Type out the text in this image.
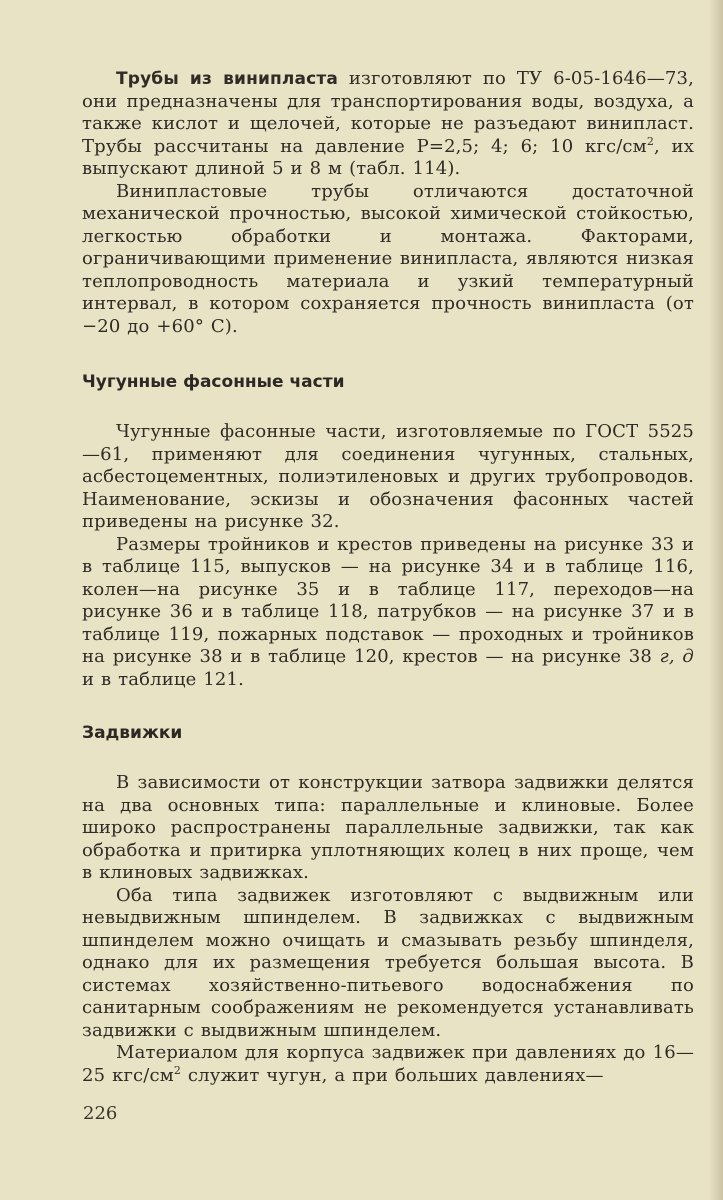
Трубы из винипласта изготовляют по ТУ 6-05-1646—73, они предназначены для транспортирования воды, воздуха, а также кислот и щелочей, которые не разъедают винипласт. Трубы рассчитаны на давление Р=2,5; 4; 6; 10 кгс/$см^2$, их выпускают длиной 5 и 8 м (табл. 114).

Винипластовые трубы отличаются достаточной механической прочностью, высокой химической стойкостью, легкостью обработки и монтажа. Факторами, ограничивающими применение винипласта, являются низкая теплопроводность материала и узкий температурный интервал, в котором сохраняется прочность винипласта (от −20 до +60° С).

Чугунные фасонные части

Чугунные фасонные части, изготовляемые по ГОСТ 5525—61, применяют для соединения чугунных, стальных, асбестоцементных, полиэтиленовых и других трубопроводов. Наименование, эскизы и обозначения фасонных частей приведены на рисунке 32.

Размеры тройников и крестов приведены на рисунке 33 и в таблице 115, выпусков — на рисунке 34 и в таблице 116, колен—на рисунке 35 и в таблице 117, переходов—на рисунке 36 и в таблице 118, патрубков — на рисунке 37 и в таблице 119, пожарных подставок — проходных и тройников на рисунке 38 и в таблице 120, крестов — на рисунке 38 г, д и в таблице 121.

Задвижки

В зависимости от конструкции затвора задвижки делятся на два основных типа: параллельные и клиновые. Более широко распространены параллельные задвижки, так как обработка и притирка уплотняющих колец в них проще, чем в клиновых задвижках.

Оба типа задвижек изготовляют с выдвижным или невыдвижным шпинделем. В задвижках с выдвижным шпинделем можно очищать и смазывать резьбу шпинделя, однако для их размещения требуется большая высота. В системах хозяйственно-питьевого водоснабжения по санитарным соображениям не рекомендуется устанавливать задвижки с выдвижным шпинделем.

Материалом для корпуса задвижек при давлениях до 16—25 кгс/$см^2$ служит чугун, а при больших давлениях—

226
